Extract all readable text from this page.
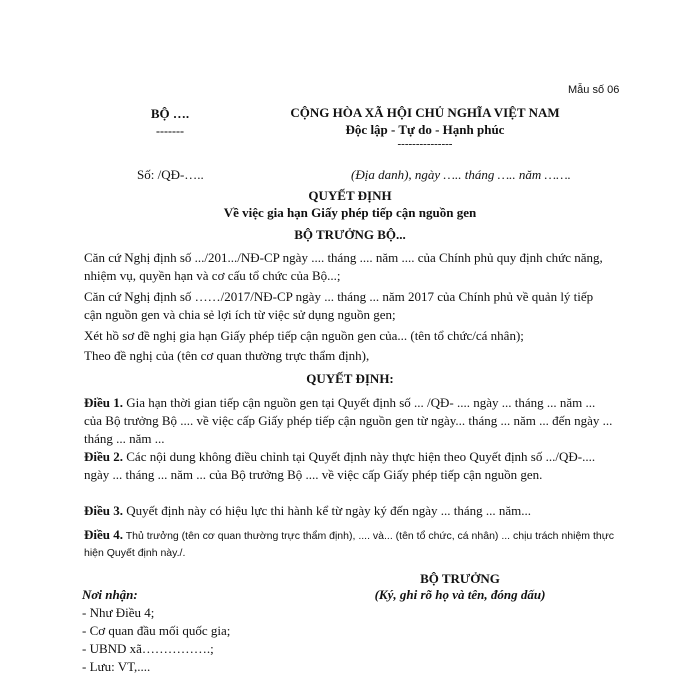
Mẫu số 06
BỘ ….
-------
CỘNG HÒA XÃ HỘI CHỦ NGHĨA VIỆT NAM
Độc lập - Tự do - Hạnh phúc
---------------
Số: /QĐ-…..	(Địa danh), ngày ….. tháng ….. năm …….
QUYẾT ĐỊNH
Về việc gia hạn Giấy phép tiếp cận nguồn gen
BỘ TRƯỞNG BỘ...
Căn cứ Nghị định số .../201.../NĐ-CP ngày .... tháng .... năm .... của Chính phủ quy định chức năng, nhiệm vụ, quyền hạn và cơ cấu tổ chức của Bộ...;
Căn cứ Nghị định số ……/2017/NĐ-CP ngày ... tháng ... năm 2017 của Chính phủ về quản lý tiếp cận nguồn gen và chia sẻ lợi ích từ việc sử dụng nguồn gen;
Xét hồ sơ đề nghị gia hạn Giấy phép tiếp cận nguồn gen của... (tên tổ chức/cá nhân);
Theo đề nghị của (tên cơ quan thường trực thẩm định),
QUYẾT ĐỊNH:
Điều 1. Gia hạn thời gian tiếp cận nguồn gen tại Quyết định số ... /QĐ- .... ngày ... tháng ... năm ... của Bộ trưởng Bộ .... về việc cấp Giấy phép tiếp cận nguồn gen từ ngày... tháng ... năm ... đến ngày ... tháng ... năm ...
Điều 2. Các nội dung không điều chỉnh tại Quyết định này thực hiện theo Quyết định số .../QĐ-.... ngày ... tháng ... năm ... của Bộ trưởng Bộ .... về việc cấp Giấy phép tiếp cận nguồn gen.
Điều 3. Quyết định này có hiệu lực thi hành kể từ ngày ký đến ngày ... tháng ... năm...
Điều 4. Thủ trưởng (tên cơ quan thường trực thẩm định), .... và... (tên tổ chức, cá nhân) ... chịu trách nhiệm thực hiện Quyết định này./.
BỘ TRƯỞNG
(Ký, ghi rõ họ và tên, đóng dấu)
Nơi nhận:
- Như Điều 4;
- Cơ quan đầu mối quốc gia;
- UBND xã…………….;
- Lưu: VT,....
